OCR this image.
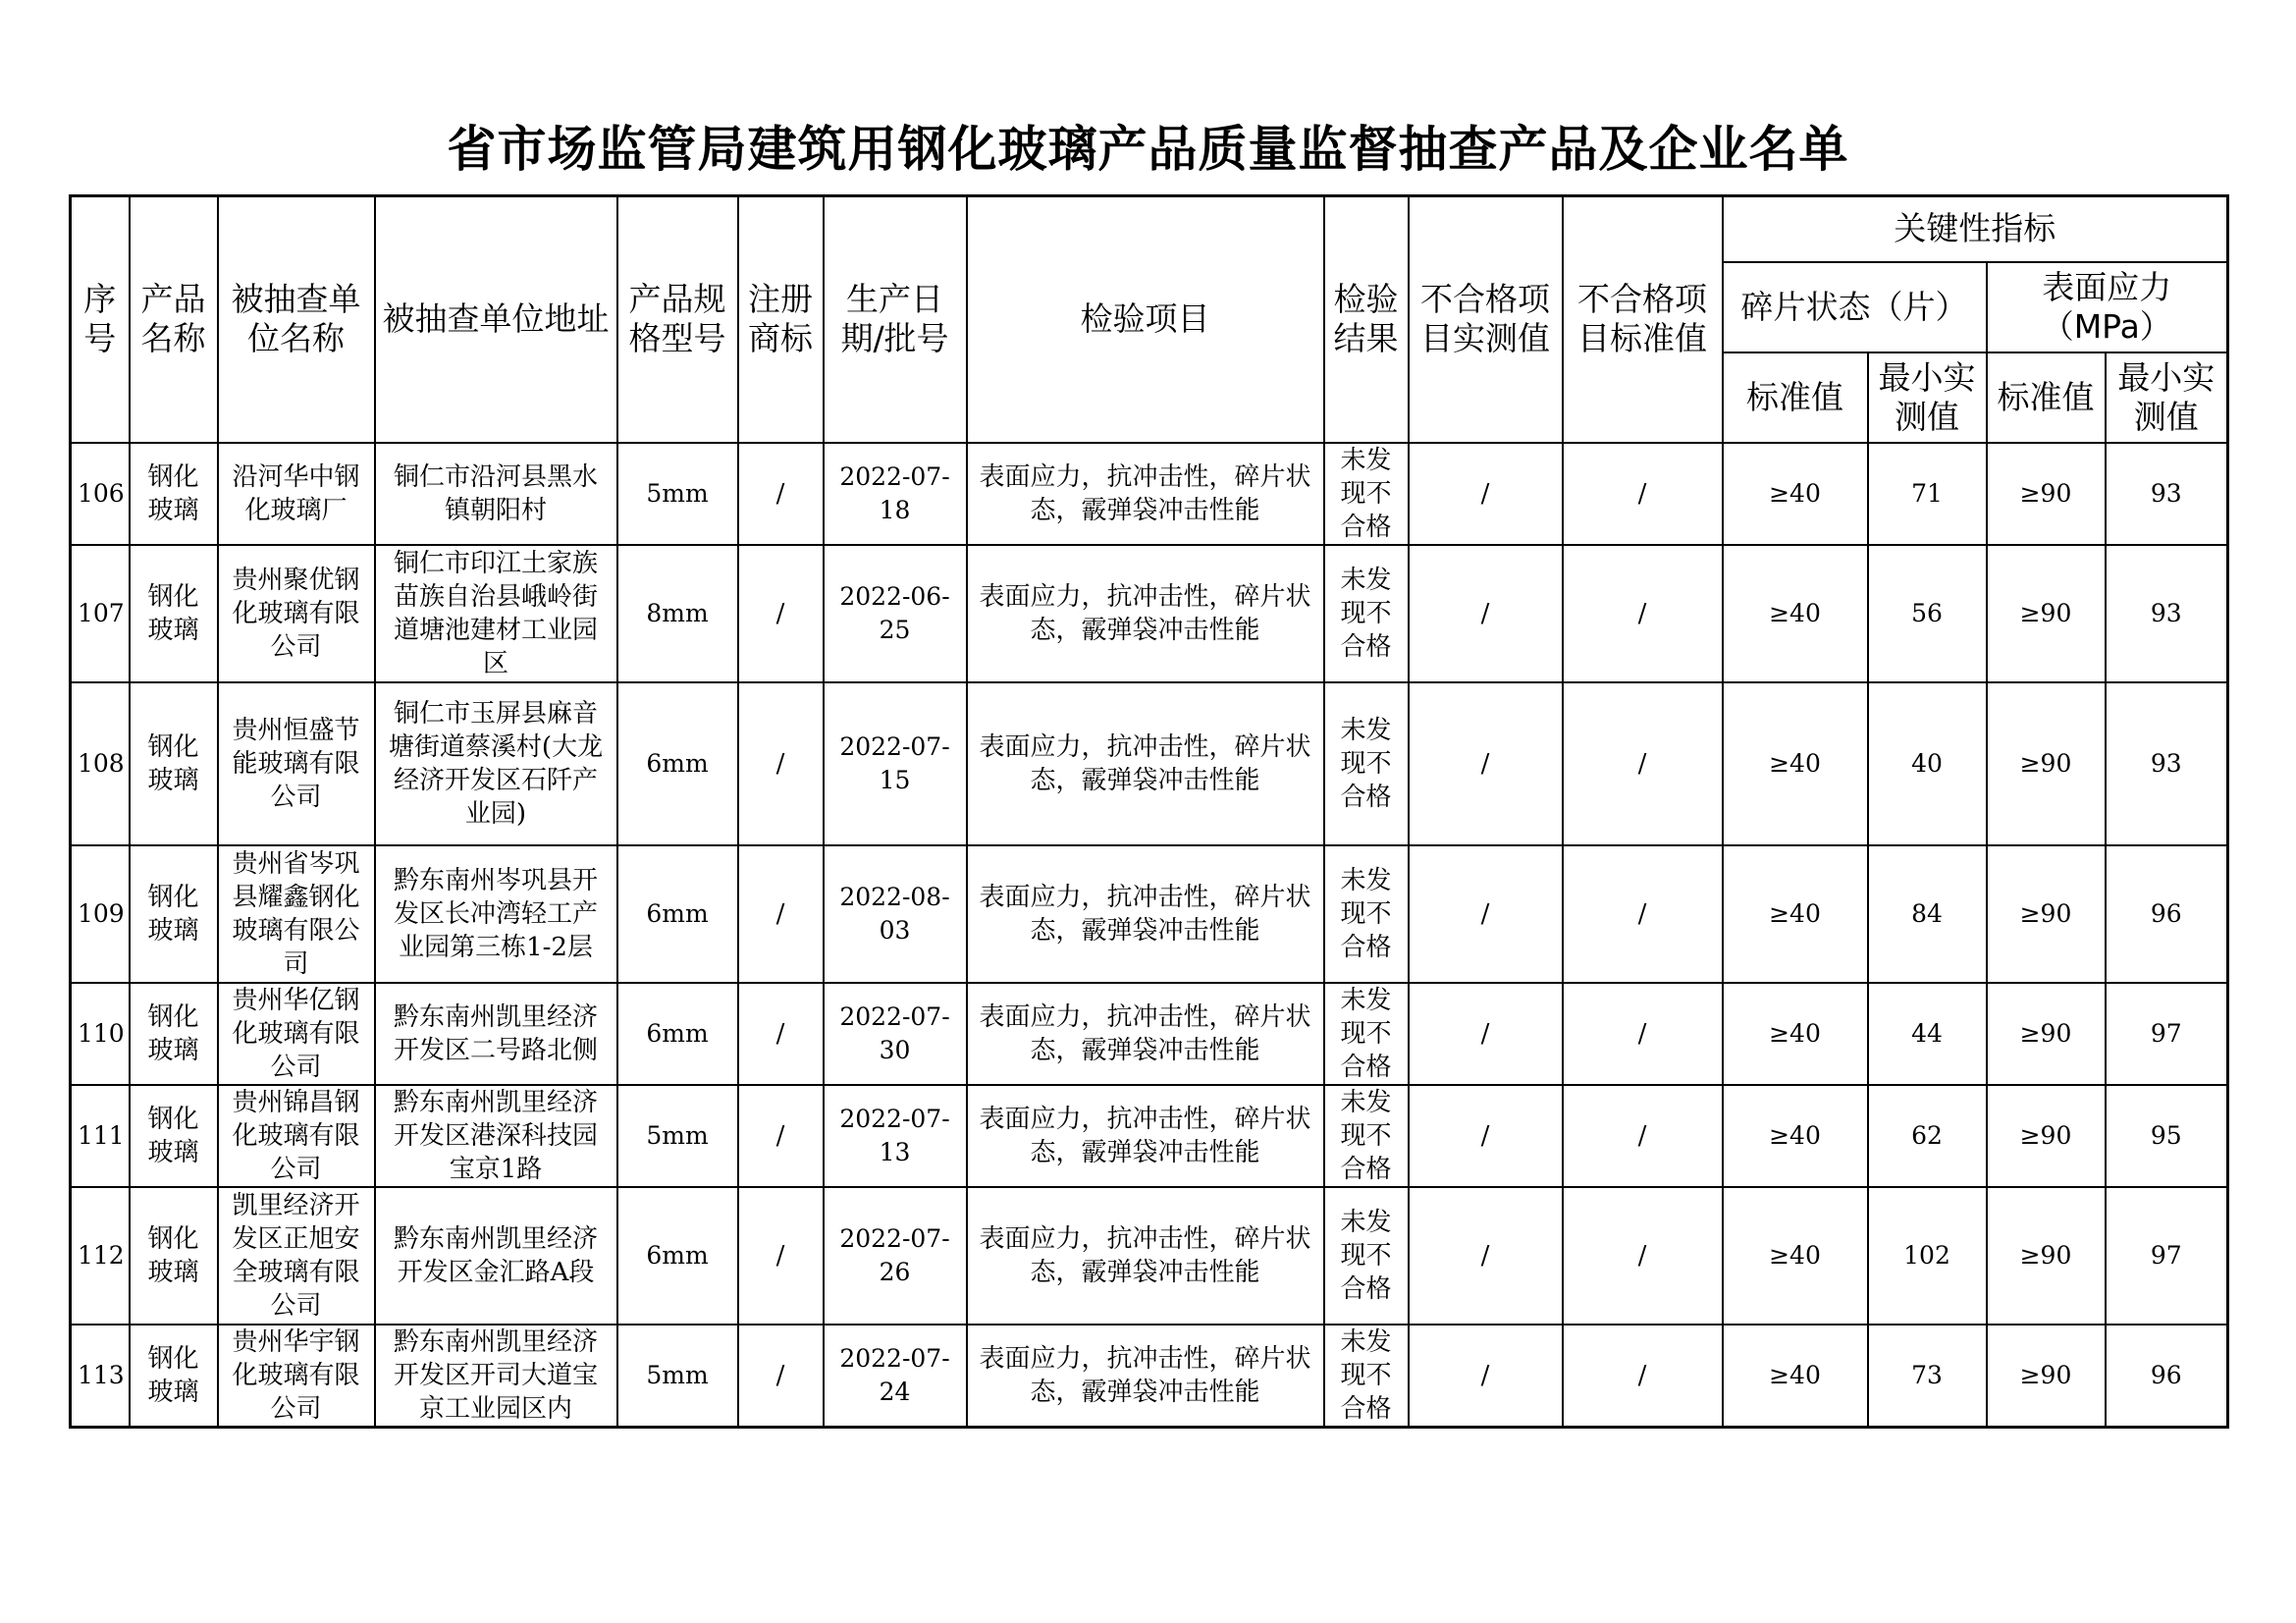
省市场监管局建筑用钢化玻璃产品质量监督抽查产品及企业名单
序号	产品名称	被抽查单位名称	被抽查单位地址	产品规格型号	注册商标	生产日期/批号	检验项目	检验结果	不合格项目实测值	不合格项目标准值	关键性指标			
											碎片状态（片）		表面应力（MPa）	
											标准值	最小实测值	标准值	最小实测值
106	钢化玻璃	沿河华中钢化玻璃厂	铜仁市沿河县黑水镇朝阳村	5mm	/	2022-07-18	表面应力，抗冲击性，碎片状态，霰弹袋冲击性能	未发现不合格	/	/	≥40	71	≥90	93
107	钢化玻璃	贵州聚优钢化玻璃有限公司	铜仁市印江土家族苗族自治县峨岭街道塘池建材工业园区	8mm	/	2022-06-25	表面应力，抗冲击性，碎片状态，霰弹袋冲击性能	未发现不合格	/	/	≥40	56	≥90	93
108	钢化玻璃	贵州恒盛节能玻璃有限公司	铜仁市玉屏县麻音塘街道蔡溪村(大龙经济开发区石阡产业园)	6mm	/	2022-07-15	表面应力，抗冲击性，碎片状态，霰弹袋冲击性能	未发现不合格	/	/	≥40	40	≥90	93
109	钢化玻璃	贵州省岑巩县耀鑫钢化玻璃有限公司	黔东南州岑巩县开发区长冲湾轻工产业园第三栋1-2层	6mm	/	2022-08-03	表面应力，抗冲击性，碎片状态，霰弹袋冲击性能	未发现不合格	/	/	≥40	84	≥90	96
110	钢化玻璃	贵州华亿钢化玻璃有限公司	黔东南州凯里经济开发区二号路北侧	6mm	/	2022-07-30	表面应力，抗冲击性，碎片状态，霰弹袋冲击性能	未发现不合格	/	/	≥40	44	≥90	97
111	钢化玻璃	贵州锦昌钢化玻璃有限公司	黔东南州凯里经济开发区港深科技园宝京1路	5mm	/	2022-07-13	表面应力，抗冲击性，碎片状态，霰弹袋冲击性能	未发现不合格	/	/	≥40	62	≥90	95
112	钢化玻璃	凯里经济开发区正旭安全玻璃有限公司	黔东南州凯里经济开发区金汇路A段	6mm	/	2022-07-26	表面应力，抗冲击性，碎片状态，霰弹袋冲击性能	未发现不合格	/	/	≥40	102	≥90	97
113	钢化玻璃	贵州华宇钢化玻璃有限公司	黔东南州凯里经济开发区开司大道宝京工业园区内	5mm	/	2022-07-24	表面应力，抗冲击性，碎片状态，霰弹袋冲击性能	未发现不合格	/	/	≥40	73	≥90	96
